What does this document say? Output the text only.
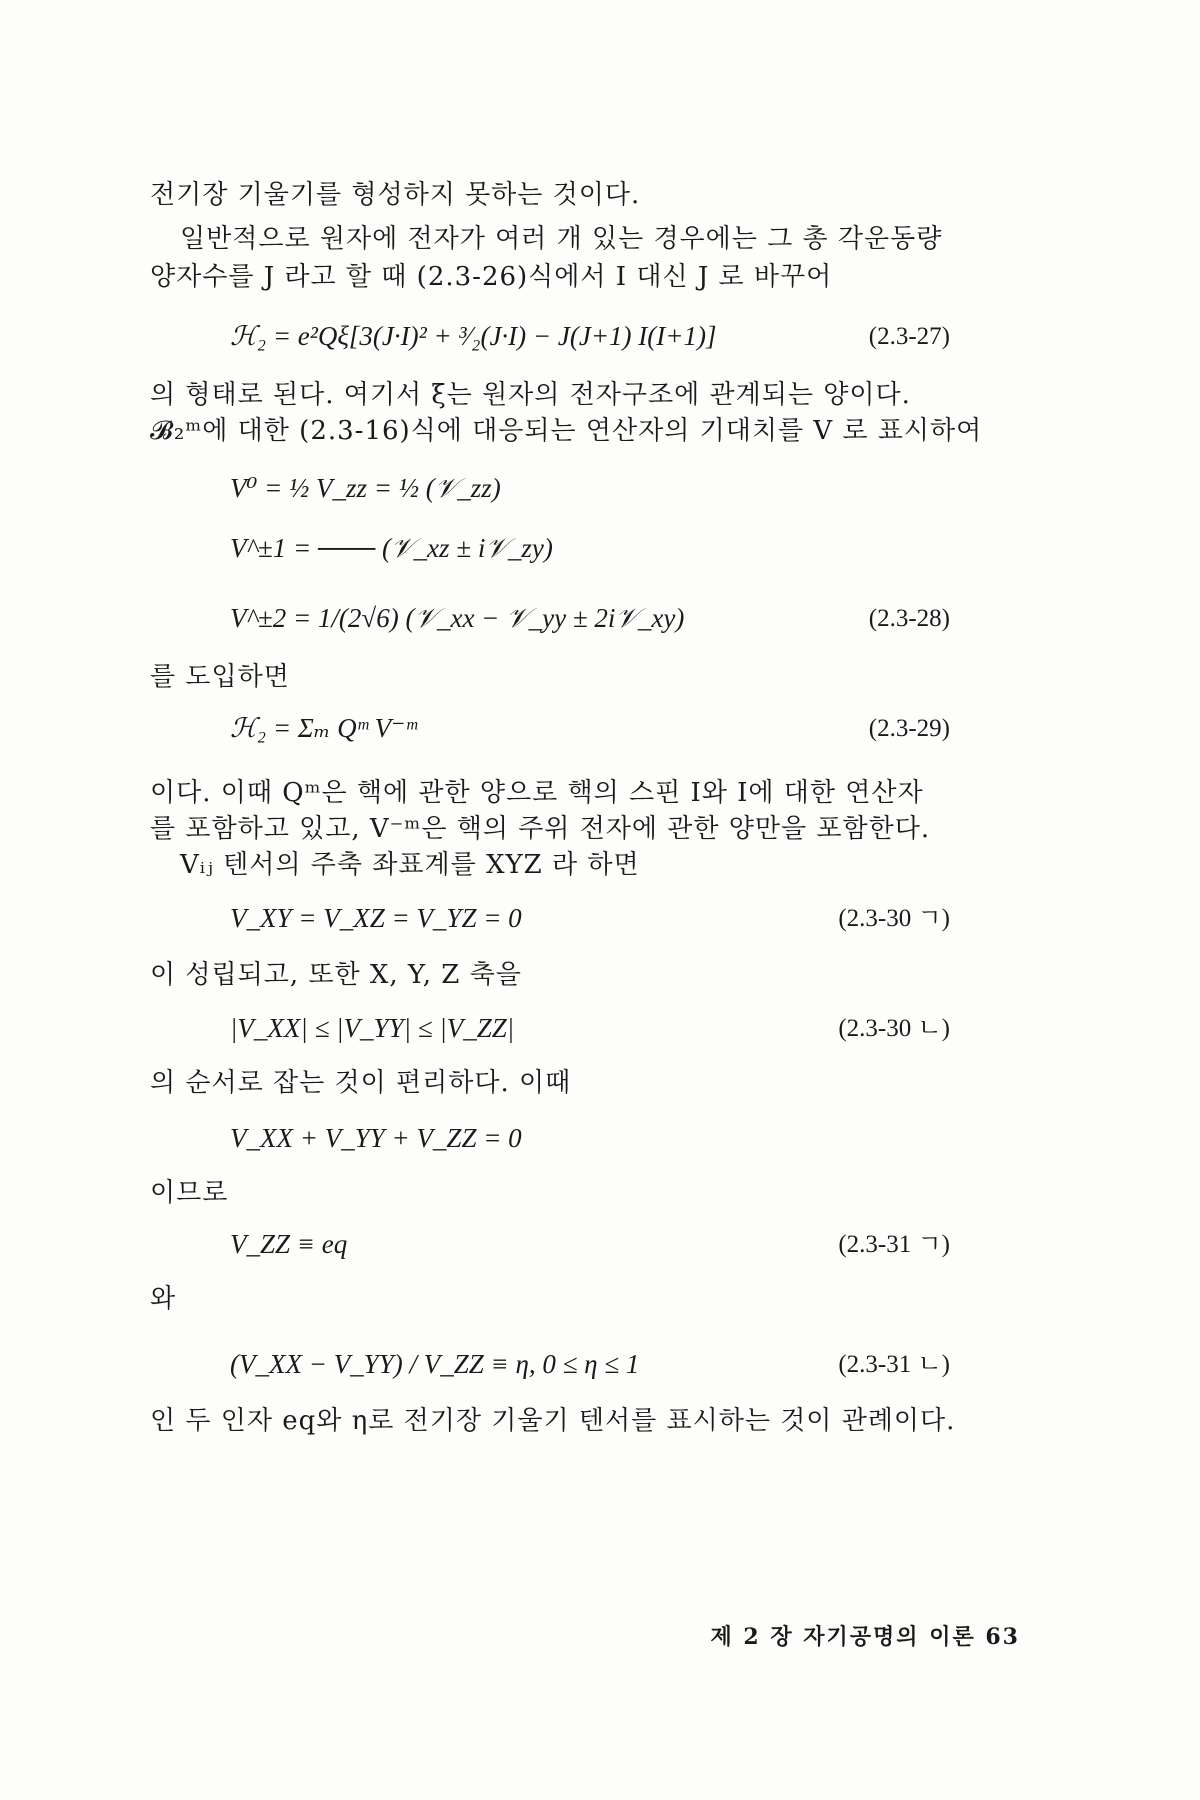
전기장 기울기를 형성하지 못하는 것이다.
일반적으로 원자에 전자가 여러 개 있는 경우에는 그 총 각운동량
양자수를 J 라고 할 때 (2.3-26)식에서 I 대신 J 로 바꾸어
ℋ₂ = e²Qξ[3(J·I)² + ³⁄₂(J·I) − J(J+1) I(I+1)]	(2.3-27)
의 형태로 된다. 여기서 ξ는 원자의 전자구조에 관계되는 양이다.
𝓑₂ᵐ에 대한 (2.3-16)식에 대응되는 연산자의 기대치를 V 로 표시하여
V⁰ = ½ V_zz = ½ (𝒱_zz)
V^±1 = ─── (𝒱_xz ± i𝒱_zy)
V^±2 = 1/(2√6) (𝒱_xx − 𝒱_yy ± 2i𝒱_xy)	(2.3-28)
를 도입하면
ℋ₂ = Σₘ Qᵐ V⁻ᵐ	(2.3-29)
이다. 이때 Qᵐ은 핵에 관한 양으로 핵의 스핀 I와 I에 대한 연산자
를 포함하고 있고, V⁻ᵐ은 핵의 주위 전자에 관한 양만을 포함한다.
Vᵢⱼ 텐서의 주축 좌표계를 XYZ 라 하면
V_XY = V_XZ = V_YZ = 0	(2.3-30 ㄱ)
이 성립되고, 또한 X, Y, Z 축을
|V_XX| ≤ |V_YY| ≤ |V_ZZ|	(2.3-30 ㄴ)
의 순서로 잡는 것이 편리하다. 이때
V_XX + V_YY + V_ZZ = 0
이므로
V_ZZ ≡ eq	(2.3-31 ㄱ)
와
(V_XX − V_YY) / V_ZZ ≡ η, 0 ≤ η ≤ 1	(2.3-31 ㄴ)
인 두 인자 eq와 η로 전기장 기울기 텐서를 표시하는 것이 관례이다.
제 2 장 자기공명의 이론 63
